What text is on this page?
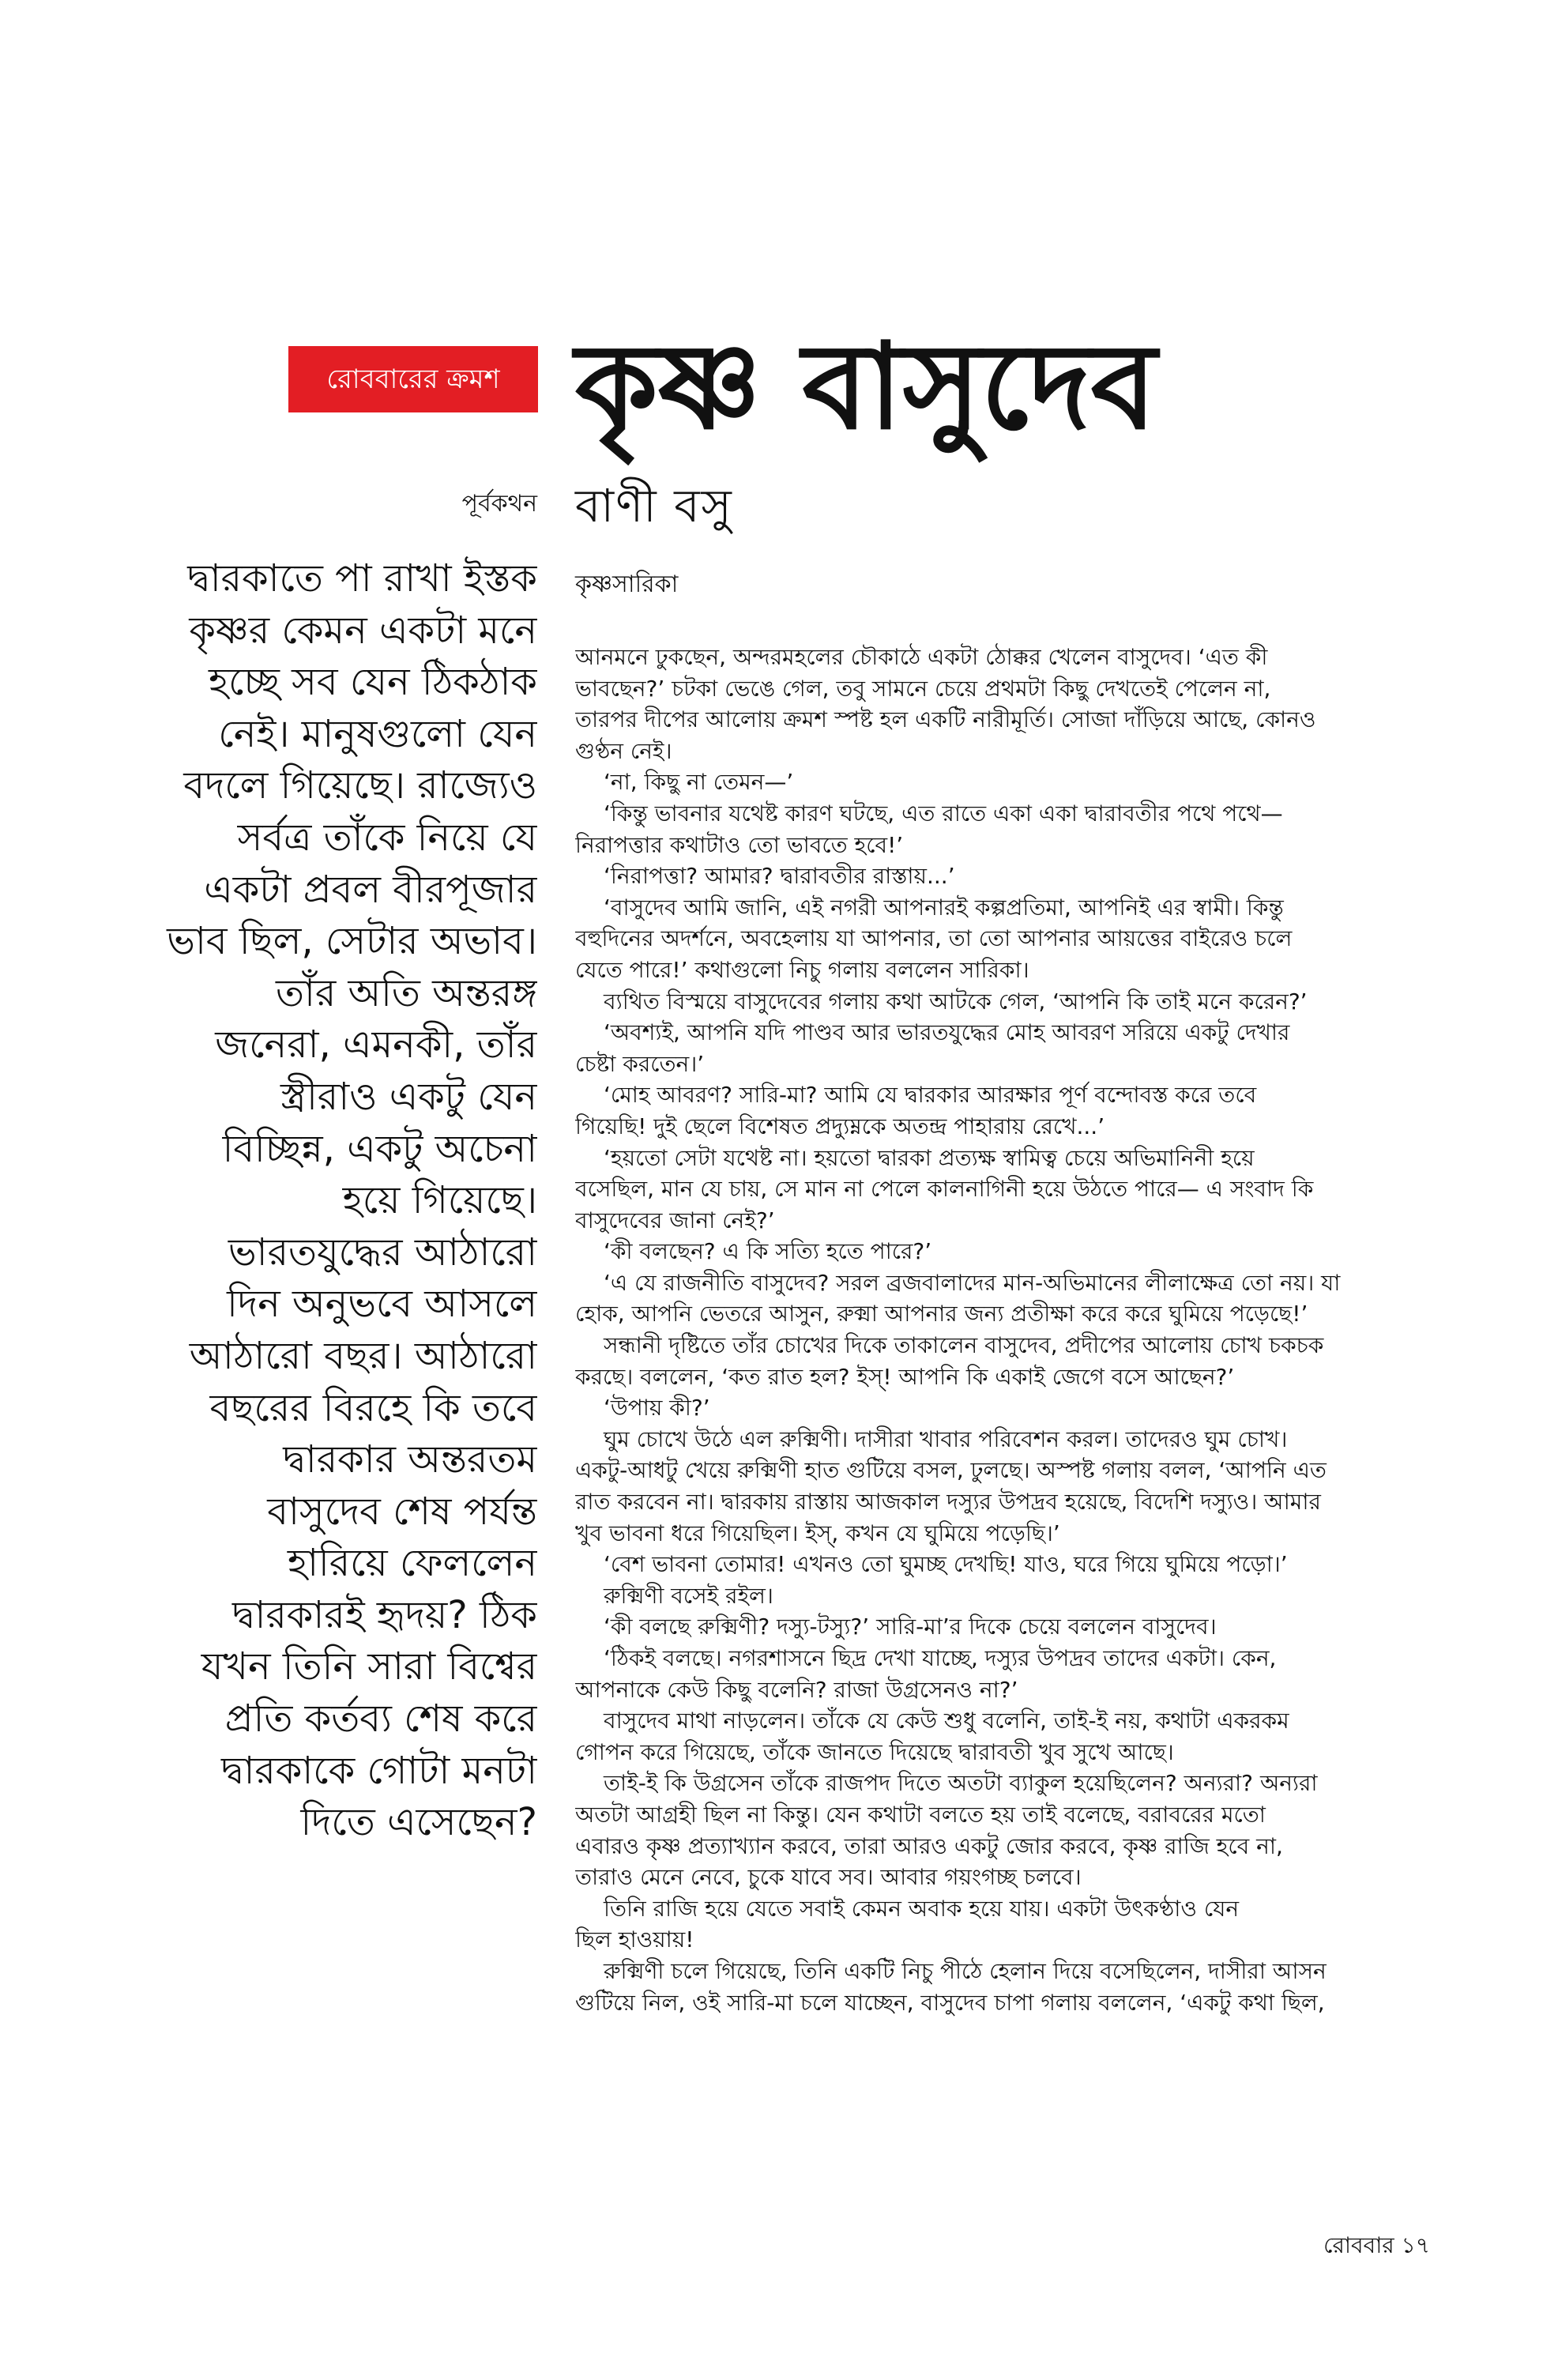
রোববারের ক্রমশ কৃষ্ণ বাসুদেব
পূর্বকথন বাণী বসু
কৃষ্ণসারিকা
দ্বারকাতে পা রাখা ইস্তক
কৃষ্ণর কেমন একটা মনে
হচ্ছে সব যেন ঠিকঠাক
নেই। মানুষগুলো যেন
বদলে গিয়েছে। রাজ্যেও
সর্বত্র তাঁকে নিয়ে যে
একটা প্রবল বীরপূজার
ভাব ছিল, সেটার অভাব।
তাঁর অতি অন্তরঙ্গ
জনেরা, এমনকী, তাঁর
স্ত্রীরাও একটু যেন
বিচ্ছিন্ন, একটু অচেনা
হয়ে গিয়েছে।
ভারতযুদ্ধের আঠারো
দিন অনুভবে আসলে
আঠারো বছর। আঠারো
বছরের বিরহে কি তবে
দ্বারকার অন্তরতম
বাসুদেব শেষ পর্যন্ত
হারিয়ে ফেললেন
দ্বারকারই হৃদয়? ঠিক
যখন তিনি সারা বিশ্বের
প্রতি কর্তব্য শেষ করে
দ্বারকাকে গোটা মনটা
দিতে এসেছেন?
আনমনে ঢুকছেন, অন্দরমহলের চৌকাঠে একটা ঠোক্কর খেলেন বাসুদেব। ‘এত কী
ভাবছেন?’ চটকা ভেঙে গেল, তবু সামনে চেয়ে প্রথমটা কিছু দেখতেই পেলেন না,
তারপর দীপের আলোয় ক্রমশ স্পষ্ট হল একটি নারীমূর্তি। সোজা দাঁড়িয়ে আছে, কোনও
গুণ্ঠন নেই।
‘না, কিছু না তেমন—’
‘কিন্তু ভাবনার যথেষ্ট কারণ ঘটছে, এত রাতে একা একা দ্বারাবতীর পথে পথে—
নিরাপত্তার কথাটাও তো ভাবতে হবে!’
‘নিরাপত্তা? আমার? দ্বারাবতীর রাস্তায়...’
‘বাসুদেব আমি জানি, এই নগরী আপনারই কল্পপ্রতিমা, আপনিই এর স্বামী। কিন্তু
বহুদিনের অদর্শনে, অবহেলায় যা আপনার, তা তো আপনার আয়ত্তের বাইরেও চলে
যেতে পারে!’ কথাগুলো নিচু গলায় বললেন সারিকা।
ব্যথিত বিস্ময়ে বাসুদেবের গলায় কথা আটকে গেল, ‘আপনি কি তাই মনে করেন?’
‘অবশ্যই, আপনি যদি পাণ্ডব আর ভারতযুদ্ধের মোহ আবরণ সরিয়ে একটু দেখার
চেষ্টা করতেন।’
‘মোহ আবরণ? সারি-মা? আমি যে দ্বারকার আরক্ষার পূর্ণ বন্দোবস্ত করে তবে
গিয়েছি! দুই ছেলে বিশেষত প্রদ্যুম্নকে অতন্দ্র পাহারায় রেখে...’
‘হয়তো সেটা যথেষ্ট না। হয়তো দ্বারকা প্রত্যক্ষ স্বামিত্ব চেয়ে অভিমানিনী হয়ে
বসেছিল, মান যে চায়, সে মান না পেলে কালনাগিনী হয়ে উঠতে পারে— এ সংবাদ কি
বাসুদেবের জানা নেই?’
‘কী বলছেন? এ কি সত্যি হতে পারে?’
‘এ যে রাজনীতি বাসুদেব? সরল ব্রজবালাদের মান-অভিমানের লীলাক্ষেত্র তো নয়। যা
হোক, আপনি ভেতরে আসুন, রুক্মা আপনার জন্য প্রতীক্ষা করে করে ঘুমিয়ে পড়েছে!’
সন্ধানী দৃষ্টিতে তাঁর চোখের দিকে তাকালেন বাসুদেব, প্রদীপের আলোয় চোখ চকচক
করছে। বললেন, ‘কত রাত হল? ইস্! আপনি কি একাই জেগে বসে আছেন?’
‘উপায় কী?’
ঘুম চোখে উঠে এল রুক্মিণী। দাসীরা খাবার পরিবেশন করল। তাদেরও ঘুম চোখ।
একটু-আধটু খেয়ে রুক্মিণী হাত গুটিয়ে বসল, ঢুলছে। অস্পষ্ট গলায় বলল, ‘আপনি এত
রাত করবেন না। দ্বারকায় রাস্তায় আজকাল দস্যুর উপদ্রব হয়েছে, বিদেশি দস্যুও। আমার
খুব ভাবনা ধরে গিয়েছিল। ইস্, কখন যে ঘুমিয়ে পড়েছি।’
‘বেশ ভাবনা তোমার! এখনও তো ঘুমচ্ছ দেখছি! যাও, ঘরে গিয়ে ঘুমিয়ে পড়ো।’
রুক্মিণী বসেই রইল।
‘কী বলছে রুক্মিণী? দস্যু-টস্যু?’ সারি-মা’র দিকে চেয়ে বললেন বাসুদেব।
‘ঠিকই বলছে। নগরশাসনে ছিদ্র দেখা যাচ্ছে, দস্যুর উপদ্রব তাদের একটা। কেন,
আপনাকে কেউ কিছু বলেনি? রাজা উগ্রসেনও না?’
বাসুদেব মাথা নাড়লেন। তাঁকে যে কেউ শুধু বলেনি, তাই-ই নয়, কথাটা একরকম
গোপন করে গিয়েছে, তাঁকে জানতে দিয়েছে দ্বারাবতী খুব সুখে আছে।
তাই-ই কি উগ্রসেন তাঁকে রাজপদ দিতে অতটা ব্যাকুল হয়েছিলেন? অন্যরা? অন্যরা
অতটা আগ্রহী ছিল না কিন্তু। যেন কথাটা বলতে হয় তাই বলেছে, বরাবরের মতো
এবারও কৃষ্ণ প্রত্যাখ্যান করবে, তারা আরও একটু জোর করবে, কৃষ্ণ রাজি হবে না,
তারাও মেনে নেবে, চুকে যাবে সব। আবার গয়ংগচ্ছ চলবে।
তিনি রাজি হয়ে যেতে সবাই কেমন অবাক হয়ে যায়। একটা উৎকণ্ঠাও যেন
ছিল হাওয়ায়!
রুক্মিণী চলে গিয়েছে, তিনি একটি নিচু পীঠে হেলান দিয়ে বসেছিলেন, দাসীরা আসন
গুটিয়ে নিল, ওই সারি-মা চলে যাচ্ছেন, বাসুদেব চাপা গলায় বললেন, ‘একটু কথা ছিল,
রোববার ১৭
